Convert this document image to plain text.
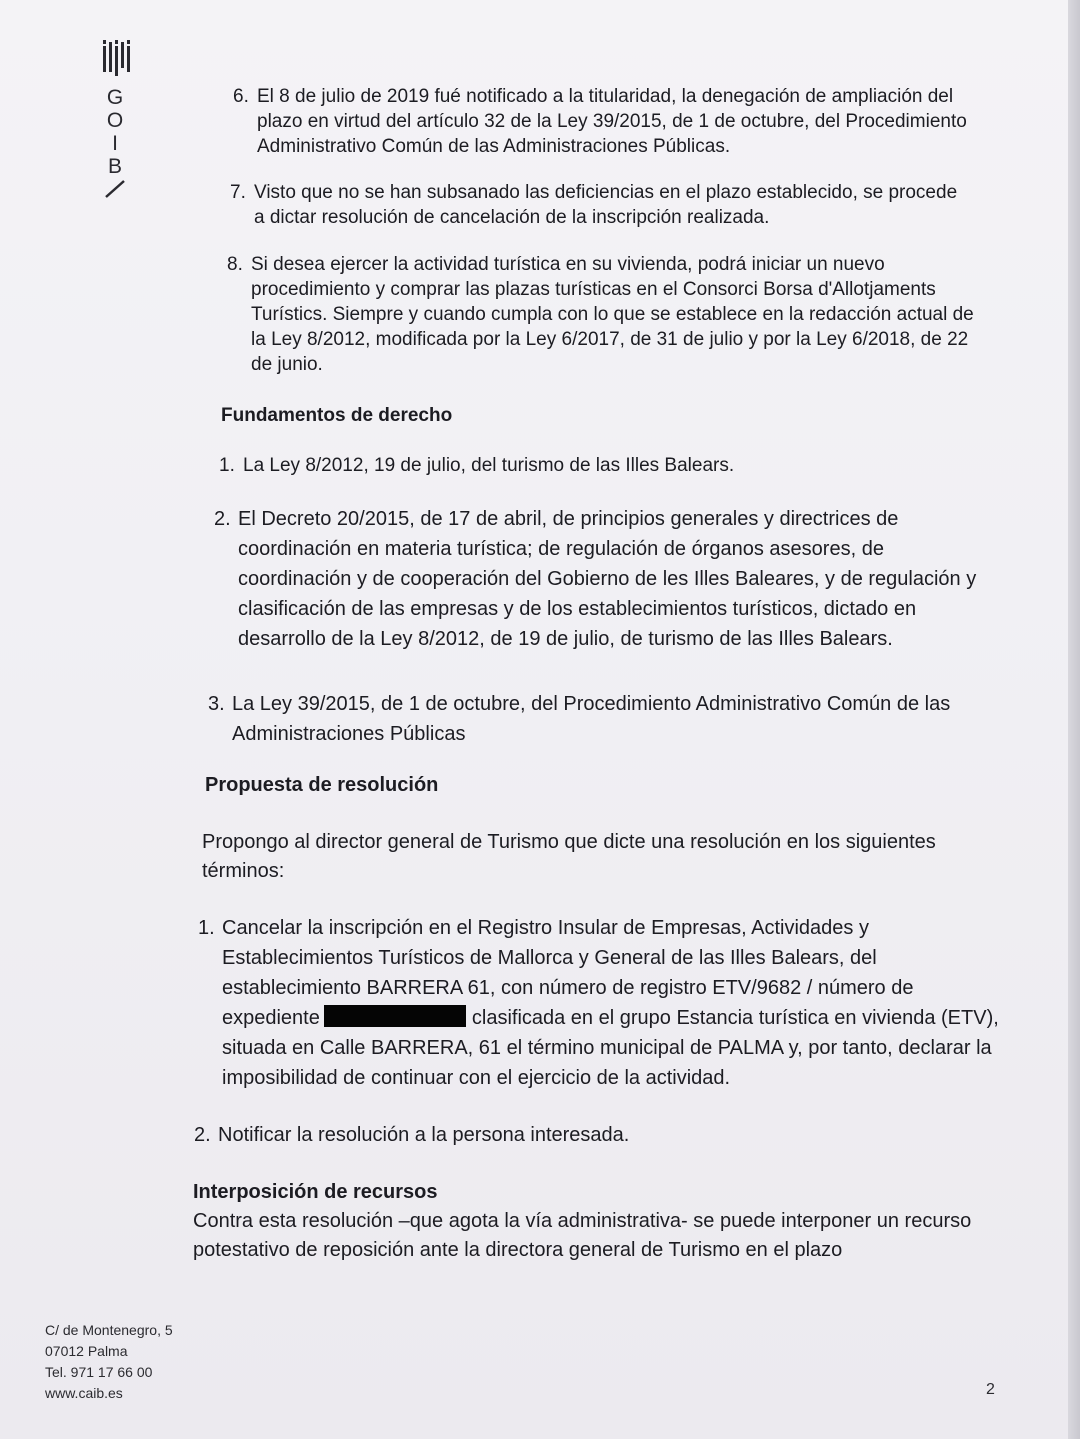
G
O
I
B
6. El 8 de julio de 2019 fué notificado a la titularidad, la denegación de ampliación del plazo en virtud del artículo 32 de la Ley 39/2015, de 1 de octubre, del Procedimiento Administrativo Común de las Administraciones Públicas.
7. Visto que no se han subsanado las deficiencias en el plazo establecido, se procede a dictar resolución de cancelación de la inscripción realizada.
8. Si desea ejercer la actividad turística en su vivienda, podrá iniciar un nuevo procedimiento y comprar las plazas turísticas en el Consorci Borsa d'Allotjaments Turístics. Siempre y cuando cumpla con lo que se establece en la redacción actual de la Ley 8/2012, modificada por la Ley 6/2017, de 31 de julio y por la Ley 6/2018, de 22 de junio.
Fundamentos de derecho
1. La Ley 8/2012, 19 de julio, del turismo de las Illes Balears.
2. El Decreto 20/2015, de 17 de abril, de principios generales y directrices de coordinación en materia turística; de regulación de órganos asesores, de coordinación y de cooperación del Gobierno de les Illes Baleares, y de regulación y clasificación de las empresas y de los establecimientos turísticos, dictado en desarrollo de la Ley 8/2012, de 19 de julio, de turismo de las Illes Balears.
3. La Ley 39/2015, de 1 de octubre, del Procedimiento Administrativo Común de las Administraciones Públicas
Propuesta de resolución
Propongo al director general de Turismo que dicte una resolución en los siguientes términos:
1. Cancelar la inscripción en el Registro Insular de Empresas, Actividades y Establecimientos Turísticos de Mallorca y General de las Illes Balears, del establecimiento BARRERA 61, con número de registro ETV/9682 / número de expediente	clasificada en el grupo Estancia turística en vivienda (ETV), situada en Calle BARRERA, 61 el término municipal de PALMA y, por tanto, declarar la imposibilidad de continuar con el ejercicio de la actividad.
2. Notificar la resolución a la persona interesada.
Interposición de recursos
Contra esta resolución –que agota la vía administrativa- se puede interponer un recurso potestativo de reposición ante la directora general de Turismo en el plazo
C/ de Montenegro, 5
07012 Palma
Tel. 971 17 66 00
www.caib.es	2
